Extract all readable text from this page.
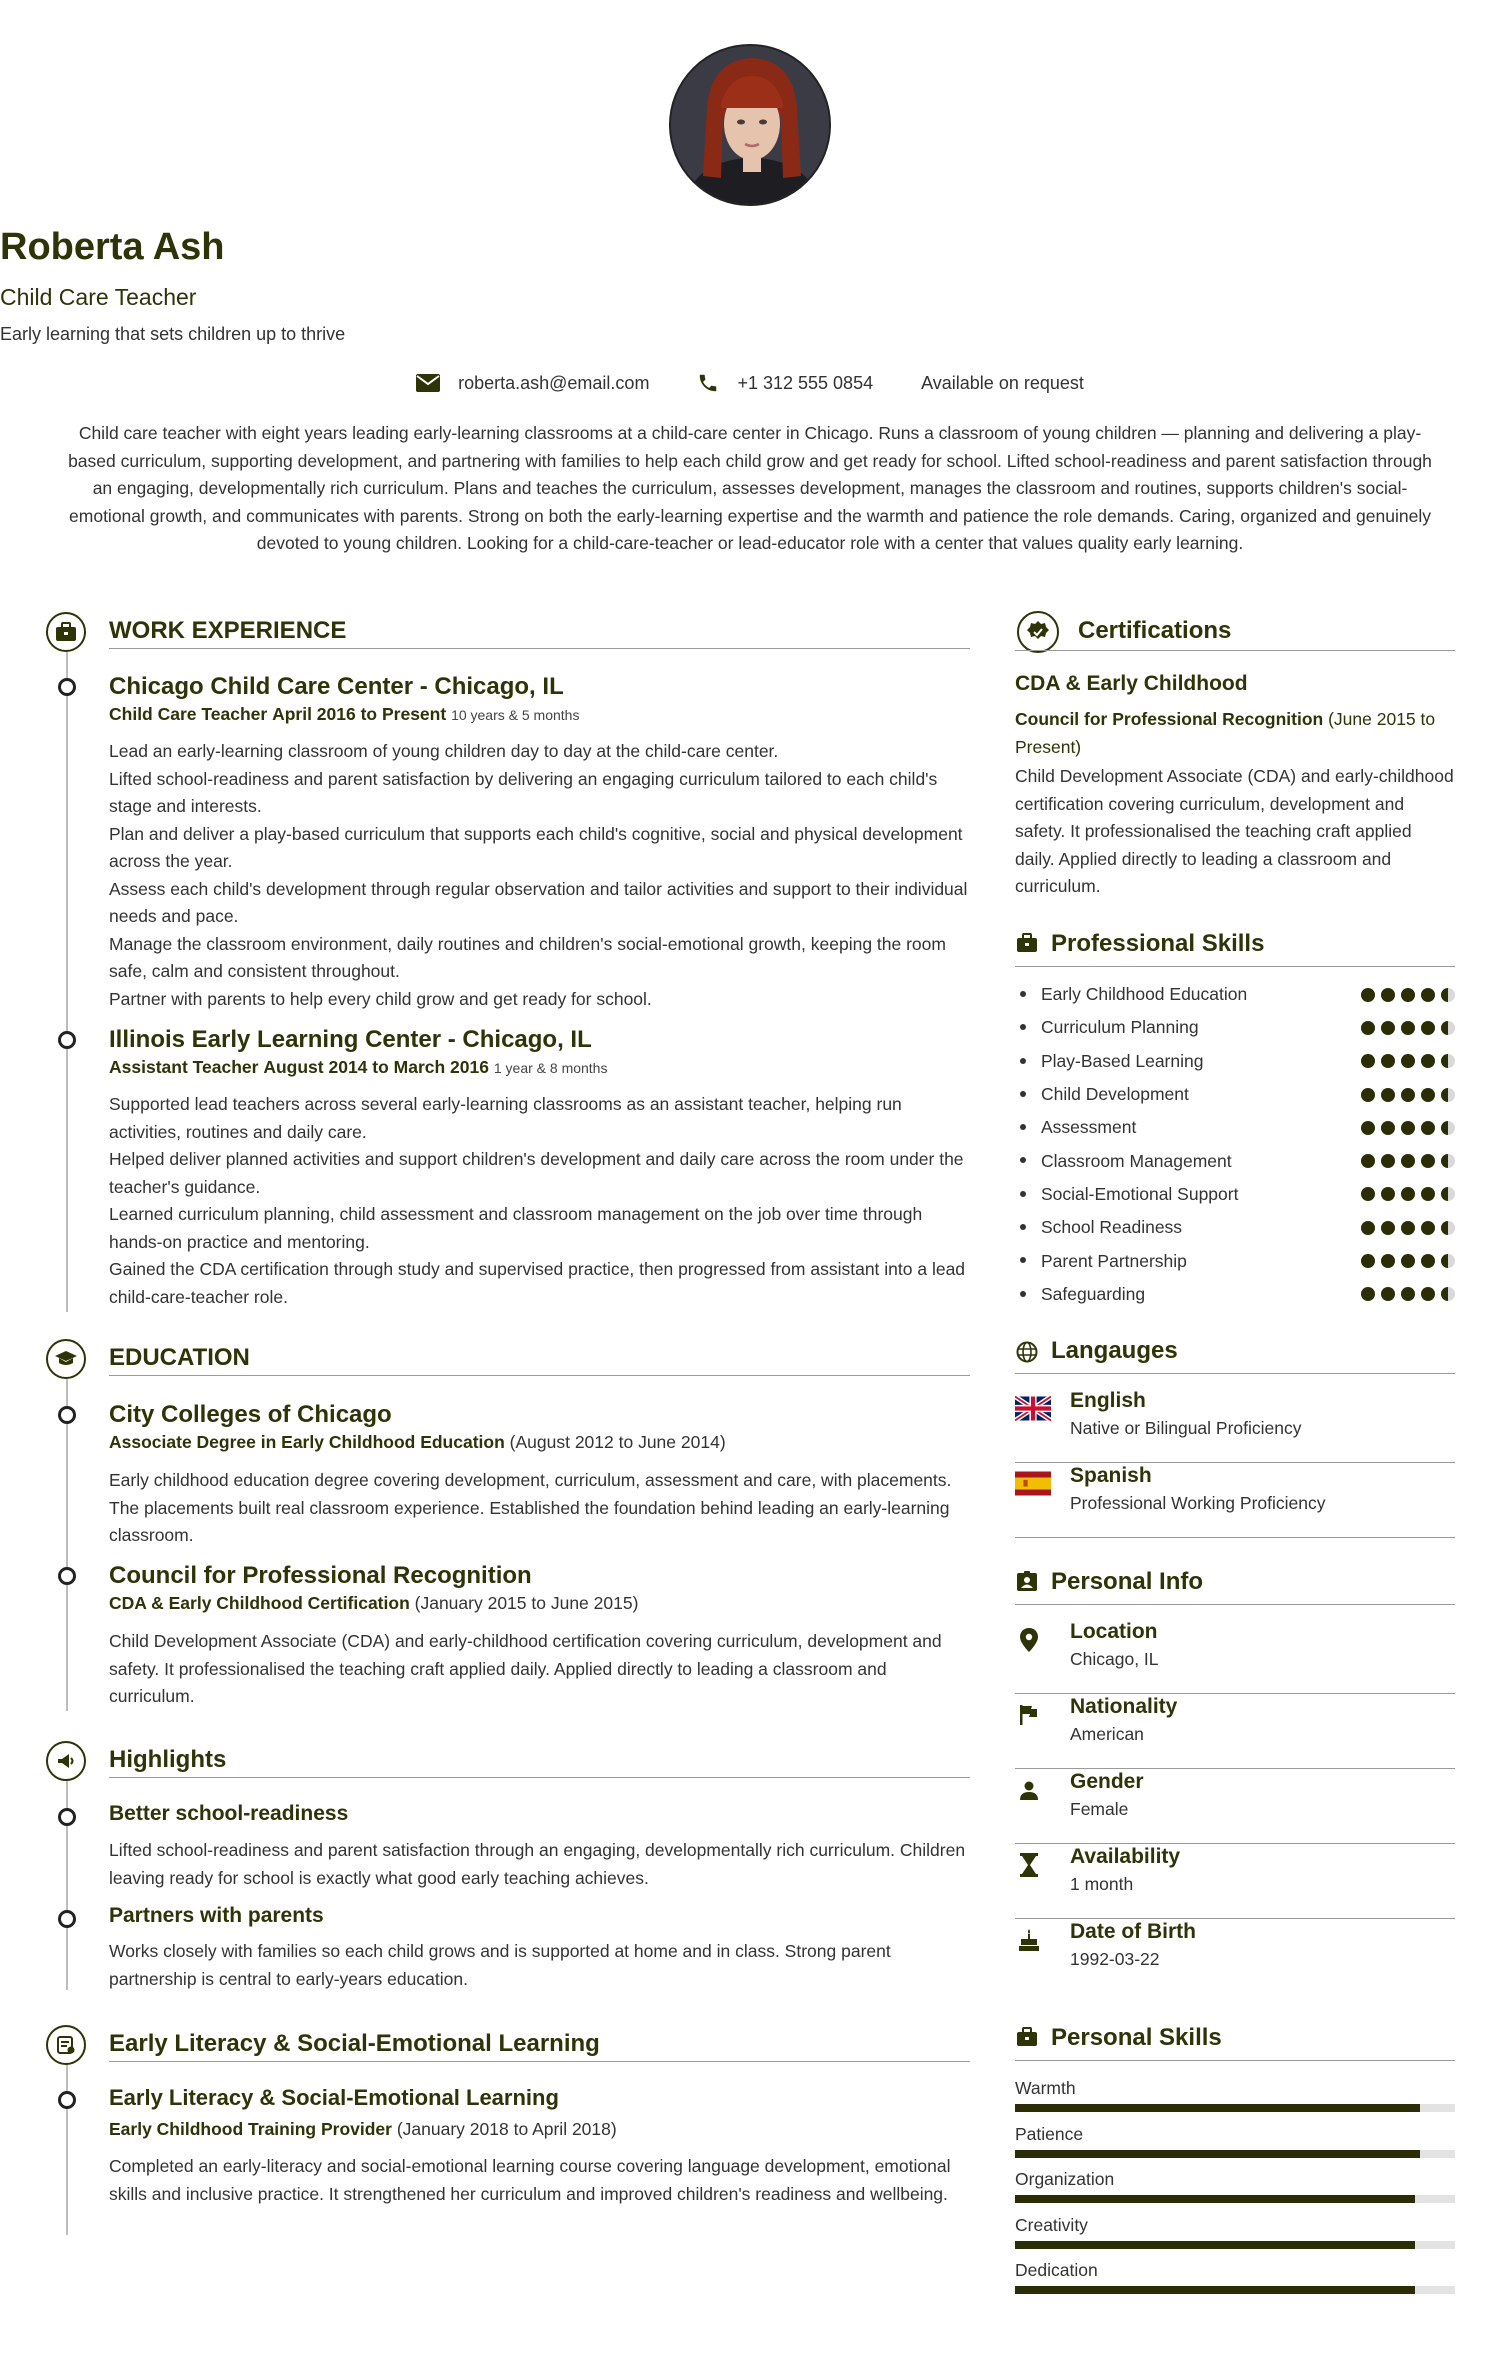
Roberta Ash
Child Care Teacher
Early learning that sets children up to thrive
roberta.ash@email.com	+1 312 555 0854	Available on request
Child care teacher with eight years leading early-learning classrooms at a child-care center in Chicago. Runs a classroom of young children — planning and delivering a play-based curriculum, supporting development, and partnering with families to help each child grow and get ready for school. Lifted school-readiness and parent satisfaction through an engaging, developmentally rich curriculum. Plans and teaches the curriculum, assesses development, manages the classroom and routines, supports children's social-emotional growth, and communicates with parents. Strong on both the early-learning expertise and the warmth and patience the role demands. Caring, organized and genuinely devoted to young children. Looking for a child-care-teacher or lead-educator role with a center that values quality early learning.
WORK EXPERIENCE
Chicago Child Care Center - Chicago, IL
Child Care Teacher April 2016 to Present 10 years & 5 months
Lead an early-learning classroom of young children day to day at the child-care center.
Lifted school-readiness and parent satisfaction by delivering an engaging curriculum tailored to each child's stage and interests.
Plan and deliver a play-based curriculum that supports each child's cognitive, social and physical development across the year.
Assess each child's development through regular observation and tailor activities and support to their individual needs and pace.
Manage the classroom environment, daily routines and children's social-emotional growth, keeping the room safe, calm and consistent throughout.
Partner with parents to help every child grow and get ready for school.
Illinois Early Learning Center - Chicago, IL
Assistant Teacher August 2014 to March 2016 1 year & 8 months
Supported lead teachers across several early-learning classrooms as an assistant teacher, helping run activities, routines and daily care.
Helped deliver planned activities and support children's development and daily care across the room under the teacher's guidance.
Learned curriculum planning, child assessment and classroom management on the job over time through hands-on practice and mentoring.
Gained the CDA certification through study and supervised practice, then progressed from assistant into a lead child-care-teacher role.
EDUCATION
City Colleges of Chicago
Associate Degree in Early Childhood Education (August 2012 to June 2014)
Early childhood education degree covering development, curriculum, assessment and care, with placements. The placements built real classroom experience. Established the foundation behind leading an early-learning classroom.
Council for Professional Recognition
CDA & Early Childhood Certification (January 2015 to June 2015)
Child Development Associate (CDA) and early-childhood certification covering curriculum, development and safety. It professionalised the teaching craft applied daily. Applied directly to leading a classroom and curriculum.
Highlights
Better school-readiness
Lifted school-readiness and parent satisfaction through an engaging, developmentally rich curriculum. Children leaving ready for school is exactly what good early teaching achieves.
Partners with parents
Works closely with families so each child grows and is supported at home and in class. Strong parent partnership is central to early-years education.
Early Literacy & Social-Emotional Learning
Early Literacy & Social-Emotional Learning
Early Childhood Training Provider (January 2018 to April 2018)
Completed an early-literacy and social-emotional learning course covering language development, emotional skills and inclusive practice. It strengthened her curriculum and improved children's readiness and wellbeing.
Certifications
CDA & Early Childhood
Council for Professional Recognition (June 2015 to Present)
Child Development Associate (CDA) and early-childhood certification covering curriculum, development and safety. It professionalised the teaching craft applied daily. Applied directly to leading a classroom and curriculum.
Professional Skills
Early Childhood Education
Curriculum Planning
Play-Based Learning
Child Development
Assessment
Classroom Management
Social-Emotional Support
School Readiness
Parent Partnership
Safeguarding
Langauges
English
Native or Bilingual Proficiency
Spanish
Professional Working Proficiency
Personal Info
Location
Chicago, IL
Nationality
American
Gender
Female
Availability
1 month
Date of Birth
1992-03-22
Personal Skills
Warmth
Patience
Organization
Creativity
Dedication
